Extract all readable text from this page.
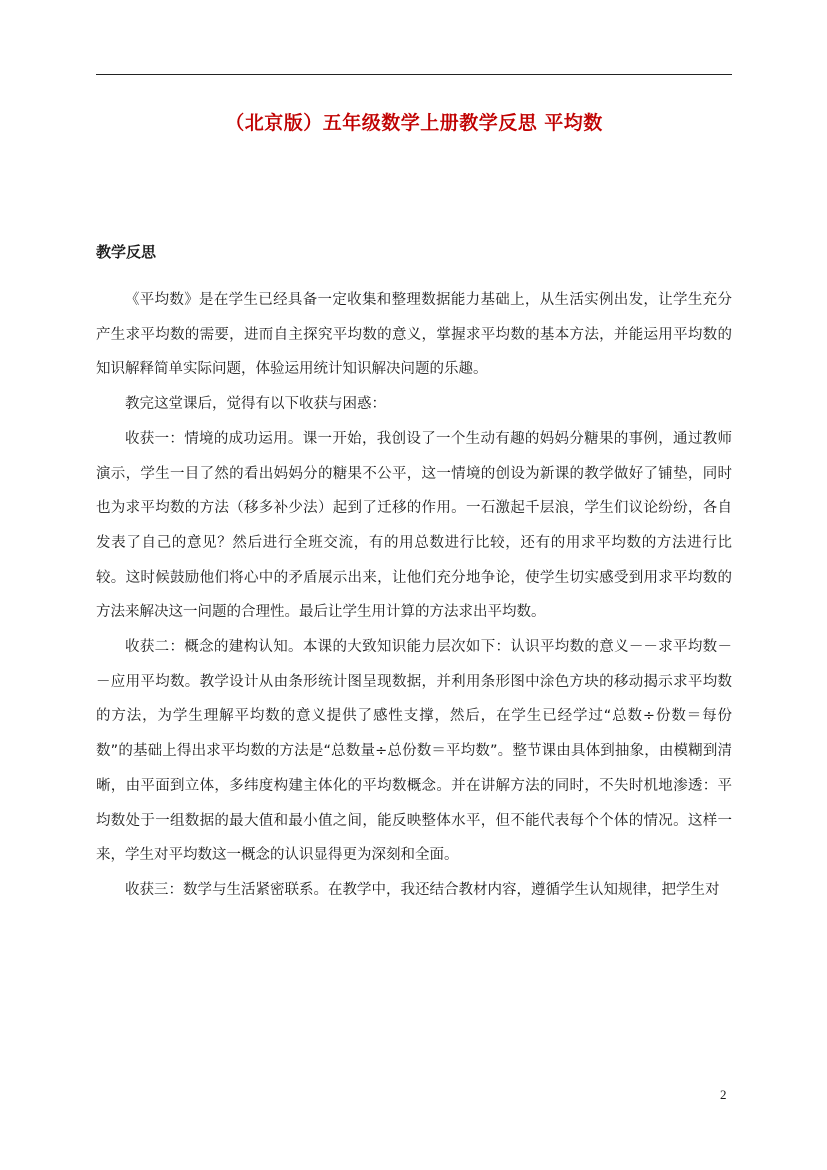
（北京版）五年级数学上册教学反思 平均数
教学反思

《平均数》是在学生已经具备一定收集和整理数据能力基础上，从生活实例出发，让学生充分产生求平均数的需要，进而自主探究平均数的意义，掌握求平均数的基本方法，并能运用平均数的知识解释简单实际问题，体验运用统计知识解决问题的乐趣。

教完这堂课后，觉得有以下收获与困惑：

收获一：情境的成功运用。课一开始，我创设了一个生动有趣的妈妈分糖果的事例，通过教师演示，学生一目了然的看出妈妈分的糖果不公平，这一情境的创设为新课的教学做好了铺垫，同时也为求平均数的方法（移多补少法）起到了迁移的作用。一石激起千层浪，学生们议论纷纷，各自发表了自己的意见？然后进行全班交流，有的用总数进行比较，还有的用求平均数的方法进行比较。这时候鼓励他们将心中的矛盾展示出来，让他们充分地争论，使学生切实感受到用求平均数的方法来解决这一问题的合理性。最后让学生用计算的方法求出平均数。

收获二：概念的建构认知。本课的大致知识能力层次如下：认识平均数的意义－－求平均数－－应用平均数。教学设计从由条形统计图呈现数据，并利用条形图中涂色方块的移动揭示求平均数的方法，为学生理解平均数的意义提供了感性支撑，然后，在学生已经学过“总数÷份数＝每份数”的基础上得出求平均数的方法是“总数量÷总份数＝平均数”。整节课由具体到抽象，由模糊到清晰，由平面到立体，多纬度构建主体化的平均数概念。并在讲解方法的同时，不失时机地渗透：平均数处于一组数据的最大值和最小值之间，能反映整体水平，但不能代表每个个体的情况。这样一来，学生对平均数这一概念的认识显得更为深刻和全面。

收获三：数学与生活紧密联系。在教学中，我还结合教材内容，遵循学生认知规律，把学生对

2
